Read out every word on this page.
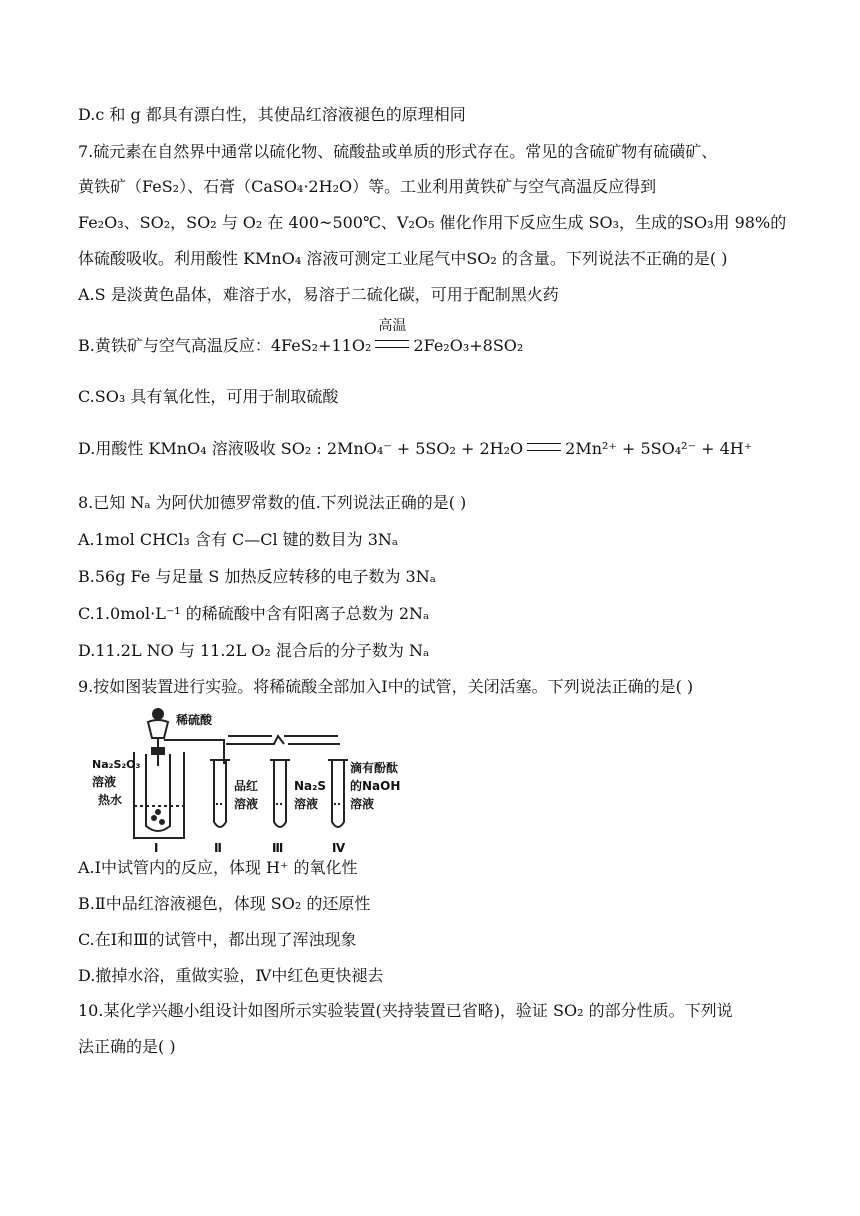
D.c 和 g 都具有漂白性，其使品红溶液褪色的原理相同
7.硫元素在自然界中通常以硫化物、硫酸盐或单质的形式存在。常见的含硫矿物有硫磺矿、
黄铁矿（FeS₂）、石膏（CaSO₄·2H₂O）等。工业利用黄铁矿与空气高温反应得到
Fe₂O₃、SO₂，SO₂ 与 O₂ 在 400~500℃、V₂O₅ 催化作用下反应生成 SO₃，生成的SO₃用 98%的
体硫酸吸收。利用酸性 KMnO₄ 溶液可测定工业尾气中SO₂ 的含量。下列说法不正确的是( )
A.S 是淡黄色晶体，难溶于水，易溶于二硫化碳，可用于配制黑火药
B.黄铁矿与空气高温反应：4FeS₂+11O₂
高温
2Fe₂O₃+8SO₂
C.SO₃ 具有氧化性，可用于制取硫酸
D.用酸性 KMnO₄ 溶液吸收 SO₂ : 2MnO₄⁻ + 5SO₂ + 2H₂O	2Mn²⁺ + 5SO₄²⁻ + 4H⁺
8.已知 Nₐ 为阿伏加德罗常数的值.下列说法正确的是( )
A.1mol CHCl₃ 含有 C—Cl 键的数目为 3Nₐ
B.56g Fe 与足量 S 加热反应转移的电子数为 3Nₐ
C.1.0mol·L⁻¹ 的稀硫酸中含有阳离子总数为 2Nₐ
D.11.2L NO 与 11.2L O₂ 混合后的分子数为 Nₐ
9.按如图装置进行实验。将稀硫酸全部加入Ⅰ中的试管，关闭活塞。下列说法正确的是( )
稀硫酸
Na₂S₂O₃
溶液
热水
品红
溶液
Na₂S
溶液
滴有酚酞
的NaOH
溶液
Ⅰ	Ⅱ	Ⅲ	Ⅳ
A.Ⅰ中试管内的反应，体现 H⁺ 的氧化性
B.Ⅱ中品红溶液褪色，体现 SO₂ 的还原性
C.在Ⅰ和Ⅲ的试管中，都出现了浑浊现象
D.撤掉水浴，重做实验，Ⅳ中红色更快褪去
10.某化学兴趣小组设计如图所示实验装置(夹持装置已省略)，验证 SO₂ 的部分性质。下列说
法正确的是( )
